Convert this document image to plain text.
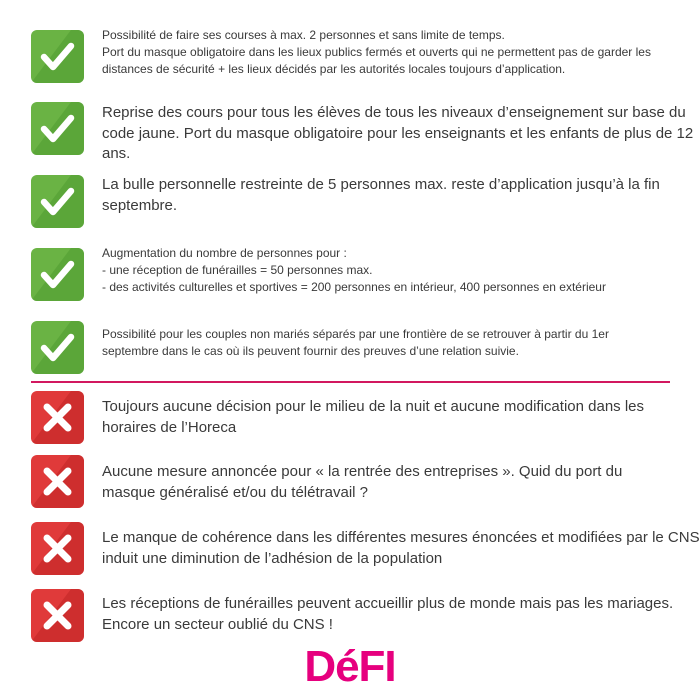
Possibilité de faire ses courses à max. 2 personnes et sans limite de temps.
Port du masque obligatoire dans les lieux publics fermés et ouverts qui ne permettent pas de garder les
distances de sécurité + les lieux décidés par les autorités locales toujours d’application.
Reprise des cours pour tous les élèves de tous les niveaux d’enseignement sur base du
code jaune. Port du masque obligatoire pour les enseignants et les enfants de plus de 12
ans.
La bulle personnelle restreinte de 5 personnes max. reste d’application jusqu’à la fin
septembre.
Augmentation du nombre de personnes pour :
- une réception de funérailles = 50 personnes max.
- des activités culturelles et sportives = 200 personnes en intérieur, 400 personnes en extérieur
Possibilité pour les couples non mariés séparés par une frontière de se retrouver à partir du 1er
septembre dans le cas où ils peuvent fournir des preuves d’une relation suivie.
Toujours aucune décision pour le milieu de la nuit et aucune modification dans les
horaires de l’Horeca
Aucune mesure annoncée pour « la rentrée des entreprises ». Quid du port du
masque généralisé et/ou du télétravail ?
Le manque de cohérence dans les différentes mesures énoncées et modifiées par le CNS
induit une diminution de l’adhésion de la population
Les réceptions de funérailles peuvent accueillir plus de monde mais pas les mariages.
Encore un secteur oublié du CNS !
DéFI
